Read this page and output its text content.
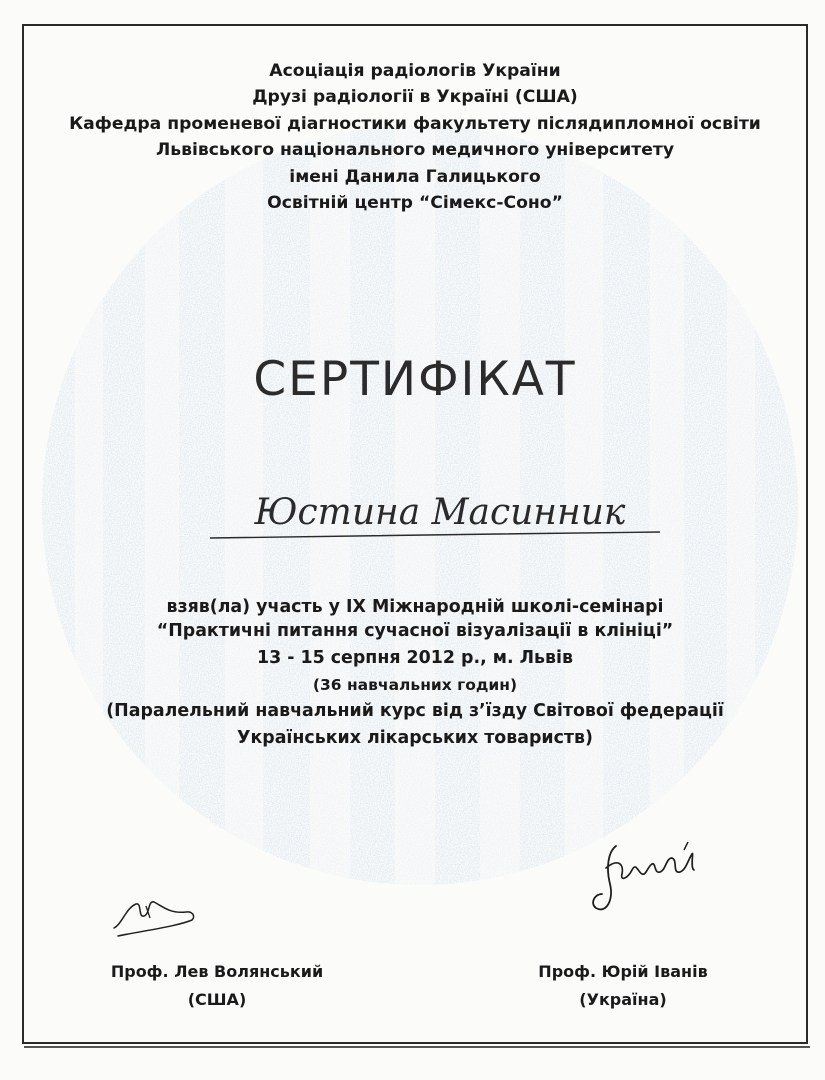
Асоціація радіологів України
Друзі радіології в Україні (США)
Кафедра променевої діагностики факультету післядипломної освіти
Львівського національного медичного університету
імені Данила Галицького
Освітній центр “Сімекс-Соно”
СЕРТИФІКАТ
Юстина Масинник
взяв(ла) участь у ІХ Міжнародній школі-семінарі
“Практичні питання сучасної візуалізації в клініці”
13 - 15 серпня 2012 р., м. Львів
(36 навчальних годин)
(Паралельний навчальний курс від зʼїзду Світової федерації
Українських лікарських товариств)
Проф. Лев Волянський
(США)
Проф. Юрій Іванів
(Україна)
